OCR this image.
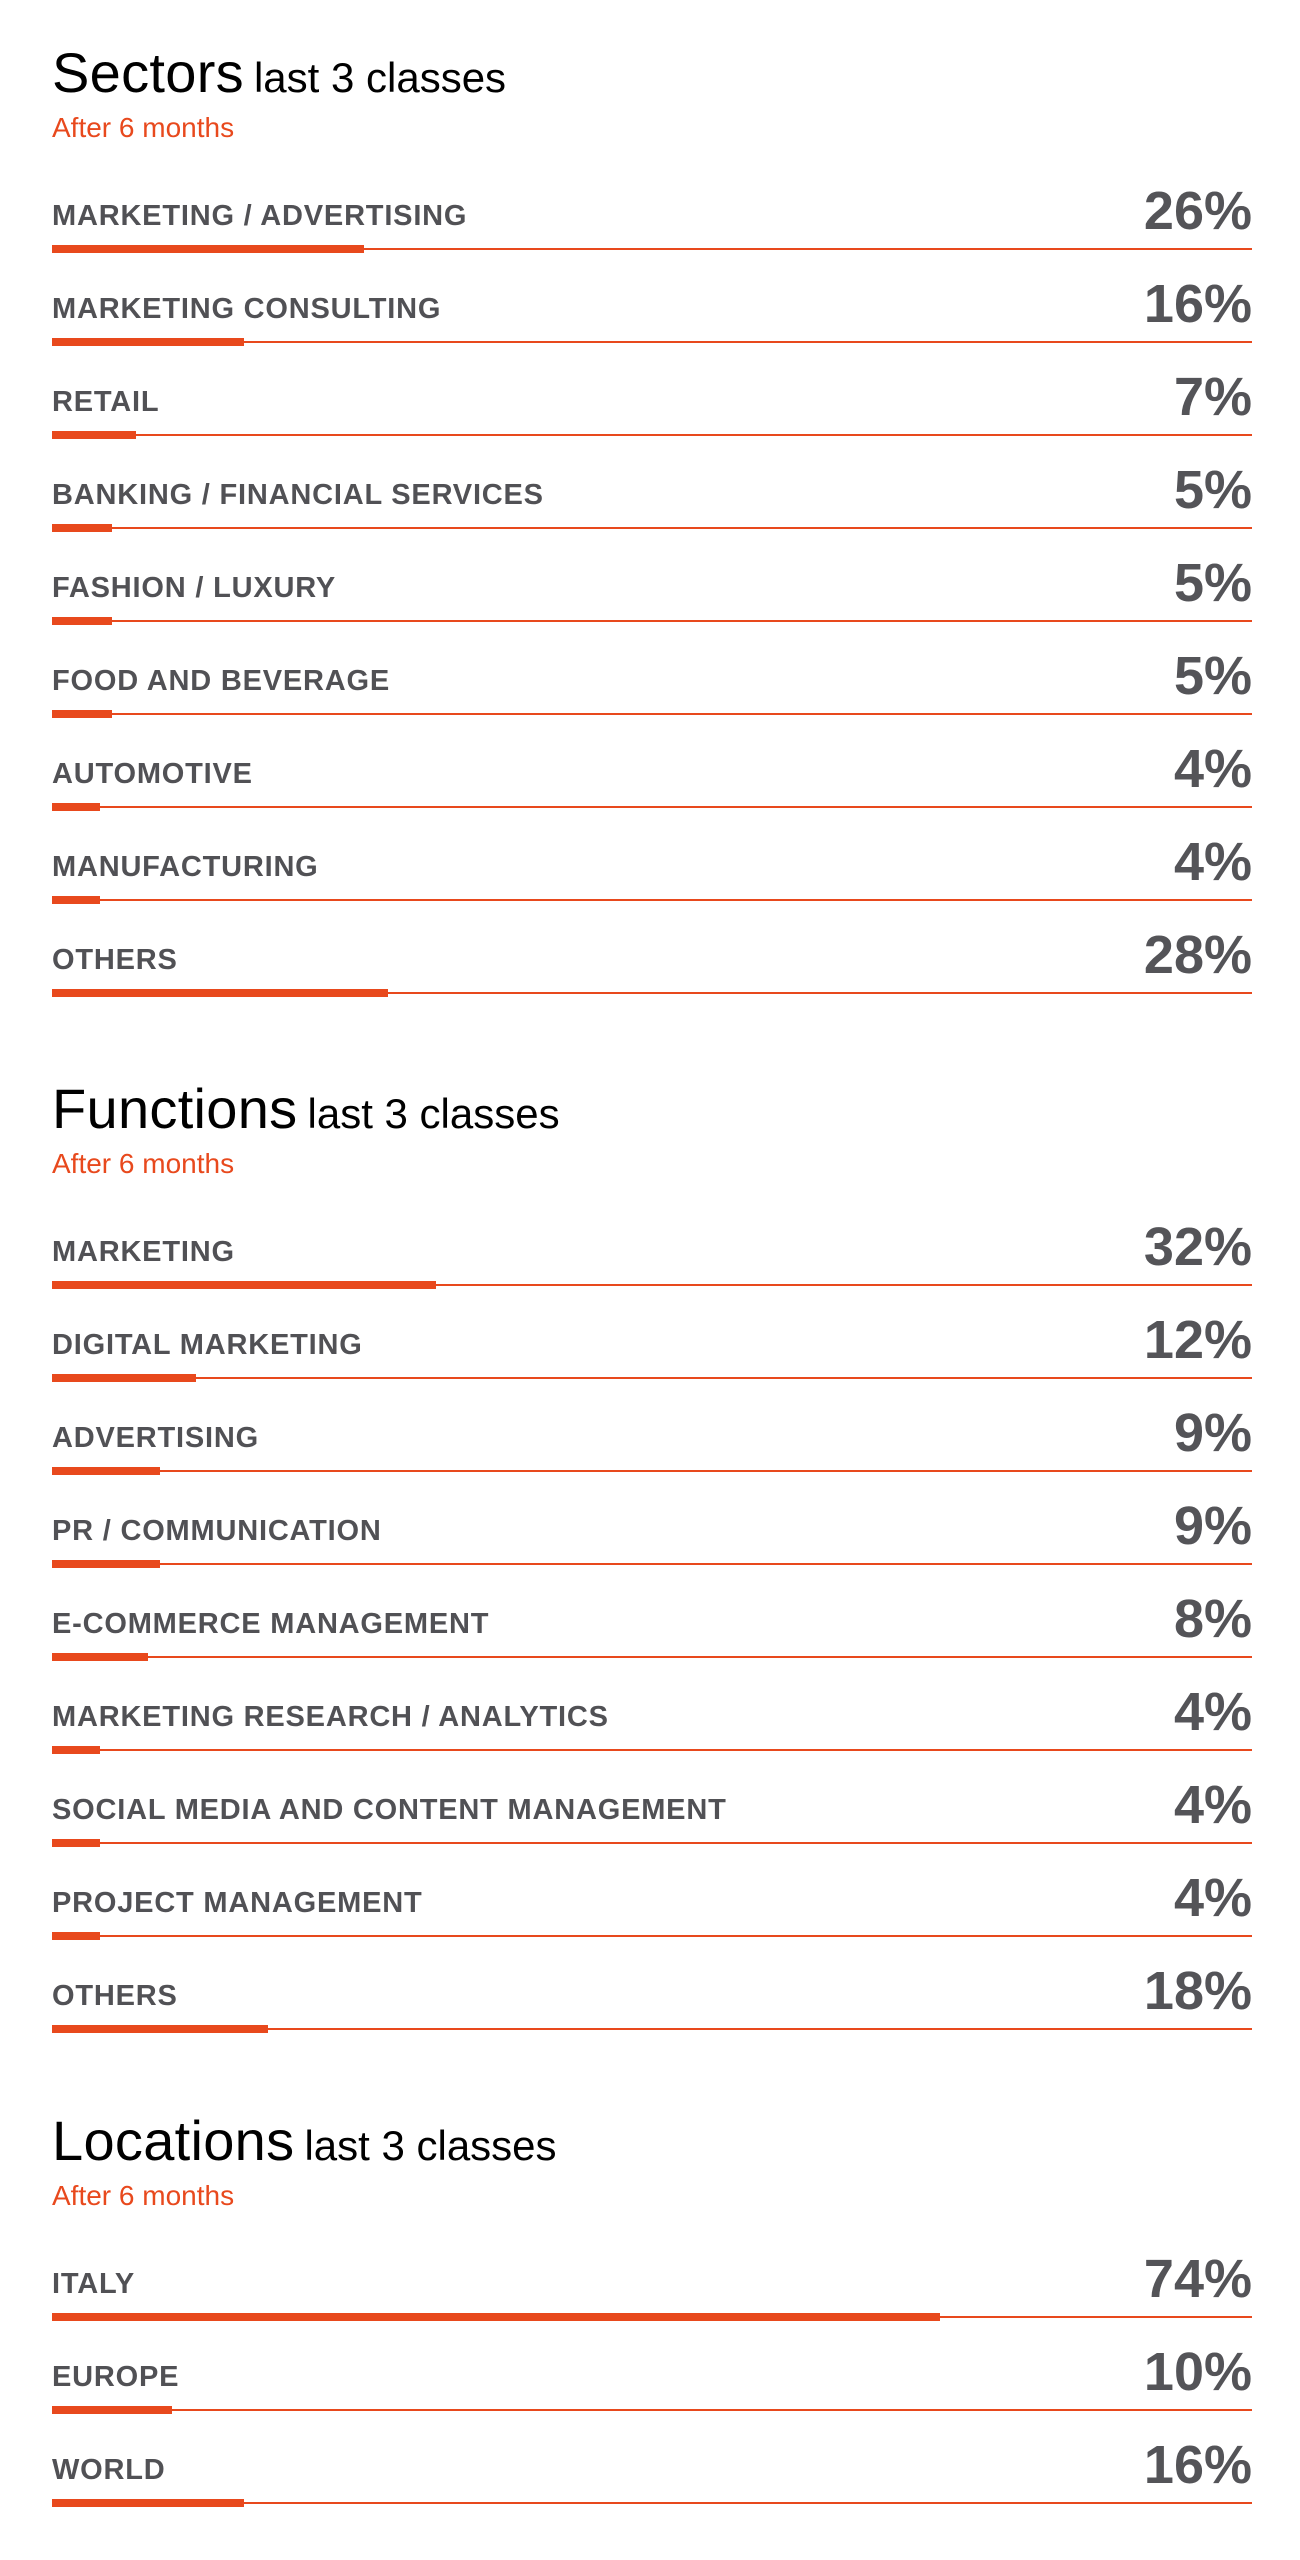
Sectors last 3 classes
After 6 months
MARKETING / ADVERTISING	26%
MARKETING CONSULTING	16%
RETAIL	7%
BANKING / FINANCIAL SERVICES	5%
FASHION / LUXURY	5%
FOOD AND BEVERAGE	5%
AUTOMOTIVE	4%
MANUFACTURING	4%
OTHERS	28%
Functions last 3 classes
After 6 months
MARKETING	32%
DIGITAL MARKETING	12%
ADVERTISING	9%
PR / COMMUNICATION	9%
E-COMMERCE MANAGEMENT	8%
MARKETING RESEARCH / ANALYTICS	4%
SOCIAL MEDIA AND CONTENT MANAGEMENT	4%
PROJECT MANAGEMENT	4%
OTHERS	18%
Locations last 3 classes
After 6 months
ITALY	74%
EUROPE	10%
WORLD	16%
